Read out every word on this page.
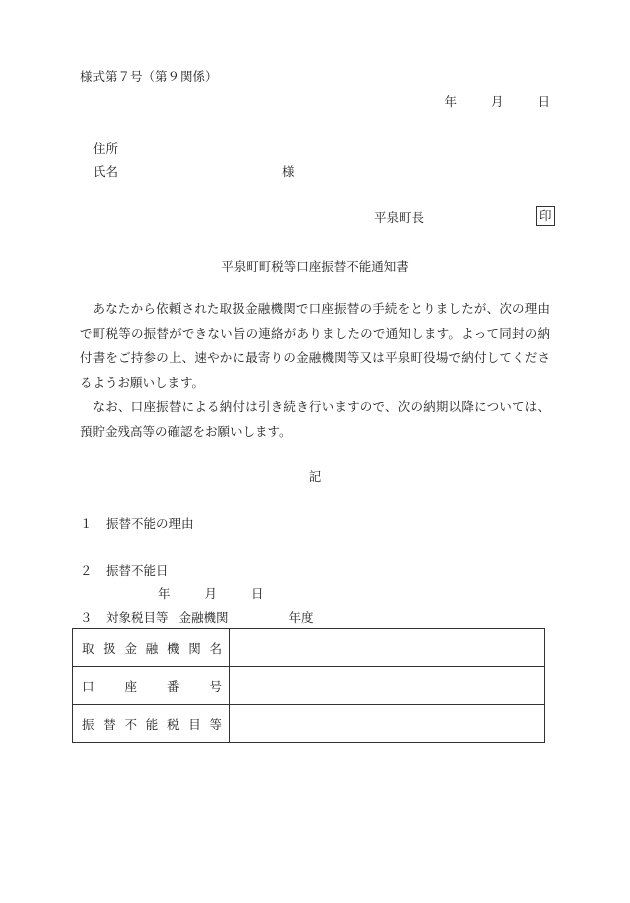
様式第７号（第９関係）
年	月	日
住所
氏名	様
平泉町長	印
平泉町町税等口座振替不能通知書

あなたから依頼された取扱金融機関で口座振替の手続をとりましたが、次の理由で町税等の振替ができない旨の連絡がありましたので通知します。よって同封の納付書をご持参の上、速やかに最寄りの金融機関等又は平泉町役場で納付してくださるようお願いします。

なお、口座振替による納付は引き続き行いますので、次の納期以降については、預貯金残高等の確認をお願いします。

記
１ 振替不能の理由
２ 振替不能日
年	月	日
３ 対象税目等 金融機関	年度
取扱金融機関名	
口座番号	
振替不能税目等	
